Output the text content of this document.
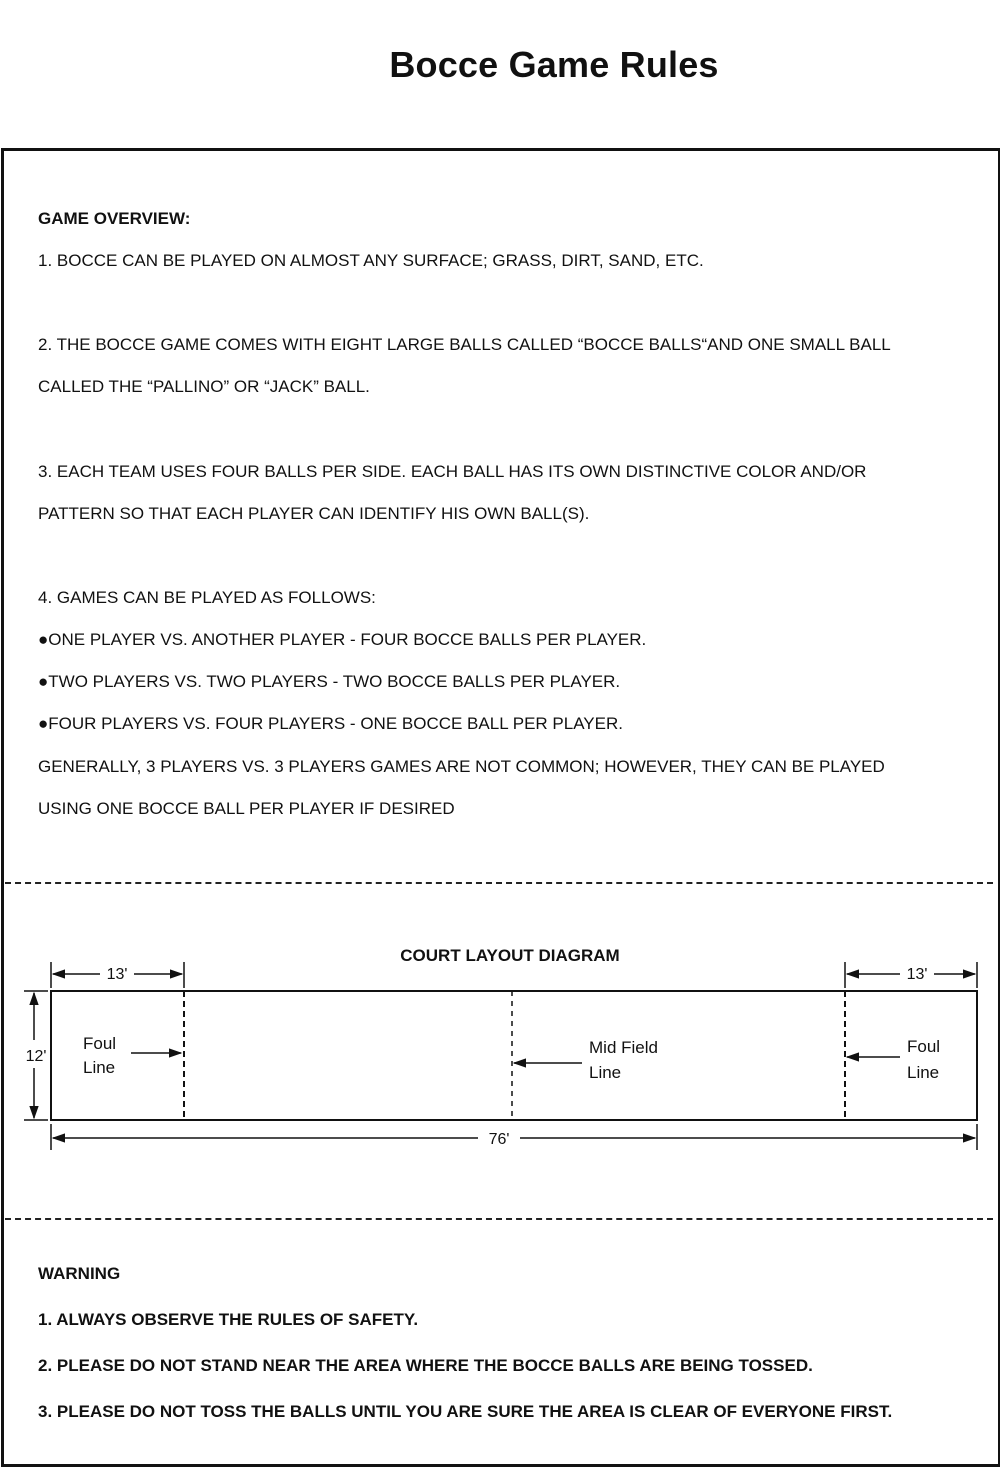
Bocce Game Rules

GAME OVERVIEW:

1. BOCCE CAN BE PLAYED ON ALMOST ANY SURFACE; GRASS, DIRT, SAND, ETC.

2. THE BOCCE GAME COMES WITH EIGHT LARGE BALLS CALLED “BOCCE BALLS“AND ONE SMALL BALL

CALLED THE “PALLINO” OR “JACK” BALL.

3. EACH TEAM USES FOUR BALLS PER SIDE. EACH BALL HAS ITS OWN DISTINCTIVE COLOR AND/OR

PATTERN SO THAT EACH PLAYER CAN IDENTIFY HIS OWN BALL(S).

4. GAMES CAN BE PLAYED AS FOLLOWS:

●ONE PLAYER VS. ANOTHER PLAYER - FOUR BOCCE BALLS PER PLAYER.

●TWO PLAYERS VS. TWO PLAYERS - TWO BOCCE BALLS PER PLAYER.

●FOUR PLAYERS VS. FOUR PLAYERS - ONE BOCCE BALL PER PLAYER.

GENERALLY, 3 PLAYERS VS. 3 PLAYERS GAMES ARE NOT COMMON; HOWEVER, THEY CAN BE PLAYED

USING ONE BOCCE BALL PER PLAYER IF DESIRED

COURT LAYOUT DIAGRAM
13'	13'
12'
76'
Foul
Line
Mid Field
Line
Foul
Line

WARNING

1. ALWAYS OBSERVE THE RULES OF SAFETY.

2. PLEASE DO NOT STAND NEAR THE AREA WHERE THE BOCCE BALLS ARE BEING TOSSED.

3. PLEASE DO NOT TOSS THE BALLS UNTIL YOU ARE SURE THE AREA IS CLEAR OF EVERYONE FIRST.
